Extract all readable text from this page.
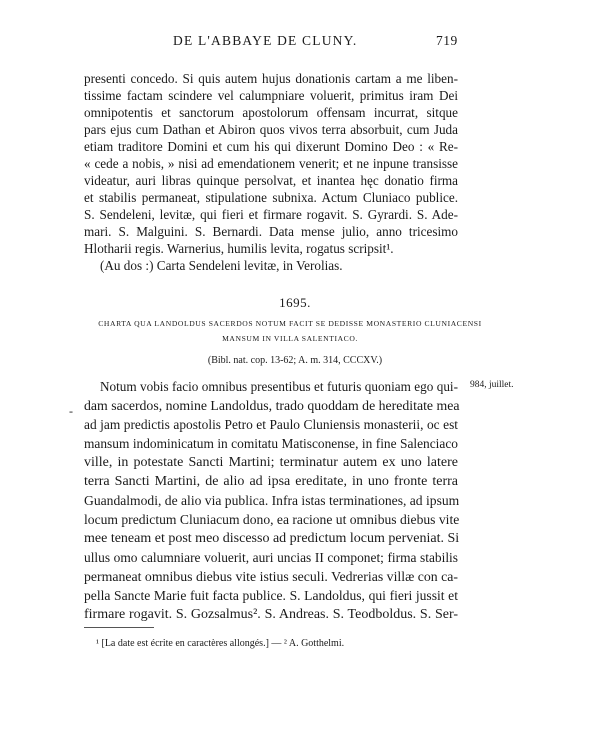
DE L'ABBAYE DE CLUNY.	719
presenti concedo. Si quis autem hujus donationis cartam a me liben-
tissime factam scindere vel calumpniare voluerit, primitus iram Dei
omnipotentis et sanctorum apostolorum offensam incurrat, sitque
pars ejus cum Dathan et Abiron quos vivos terra absorbuit, cum Juda
etiam traditore Domini et cum his qui dixerunt Domino Deo : « Re-
« cede a nobis, » nisi ad emendationem venerit; et ne inpune transisse
videatur, auri libras quinque persolvat, et inantea hęc donatio firma
et stabilis permaneat, stipulatione subnixa. Actum Cluniaco publice.
S. Sendeleni, levitæ, qui fieri et firmare rogavit. S. Gyrardi. S. Ade-
mari. S. Malguini. S. Bernardi. Data mense julio, anno tricesimo
Hlotharii regis. Warnerius, humilis levita, rogatus scripsit¹.
(Au dos :) Carta Sendeleni levitæ, in Verolias.
1695.
CHARTA QUA LANDOLDUS SACERDOS NOTUM FACIT SE DEDISSE MONASTERIO CLUNIACENSI
MANSUM IN VILLA SALENTIACO.
(Bibl. nat. cop. 13-62; A. m. 314, CCCXV.)
984, juillet.
-
Notum vobis facio omnibus presentibus et futuris quoniam ego qui-
dam sacerdos, nomine Landoldus, trado quoddam de hereditate mea
ad jam predictis apostolis Petro et Paulo Cluniensis monasterii, oc est
mansum indominicatum in comitatu Matisconense, in fine Salenciaco
ville, in potestate Sancti Martini; terminatur autem ex uno latere
terra Sancti Martini, de alio ad ipsa ereditate, in uno fronte terra
Guandalmodi, de alio via publica. Infra istas terminationes, ad ipsum
locum predictum Cluniacum dono, ea racione ut omnibus diebus vite
mee teneam et post meo discesso ad predictum locum perveniat. Si
ullus omo calumniare voluerit, auri uncias II componet; firma stabilis
permaneat omnibus diebus vite istius seculi. Vedrerias villæ con ca-
pella Sancte Marie fuit facta publice. S. Landoldus, qui fieri jussit et
firmare rogavit. S. Gozsalmus². S. Andreas. S. Teodboldus. S. Ser-
¹ [La date est écrite en caractères allongés.] — ² A. Gotthelmi.
